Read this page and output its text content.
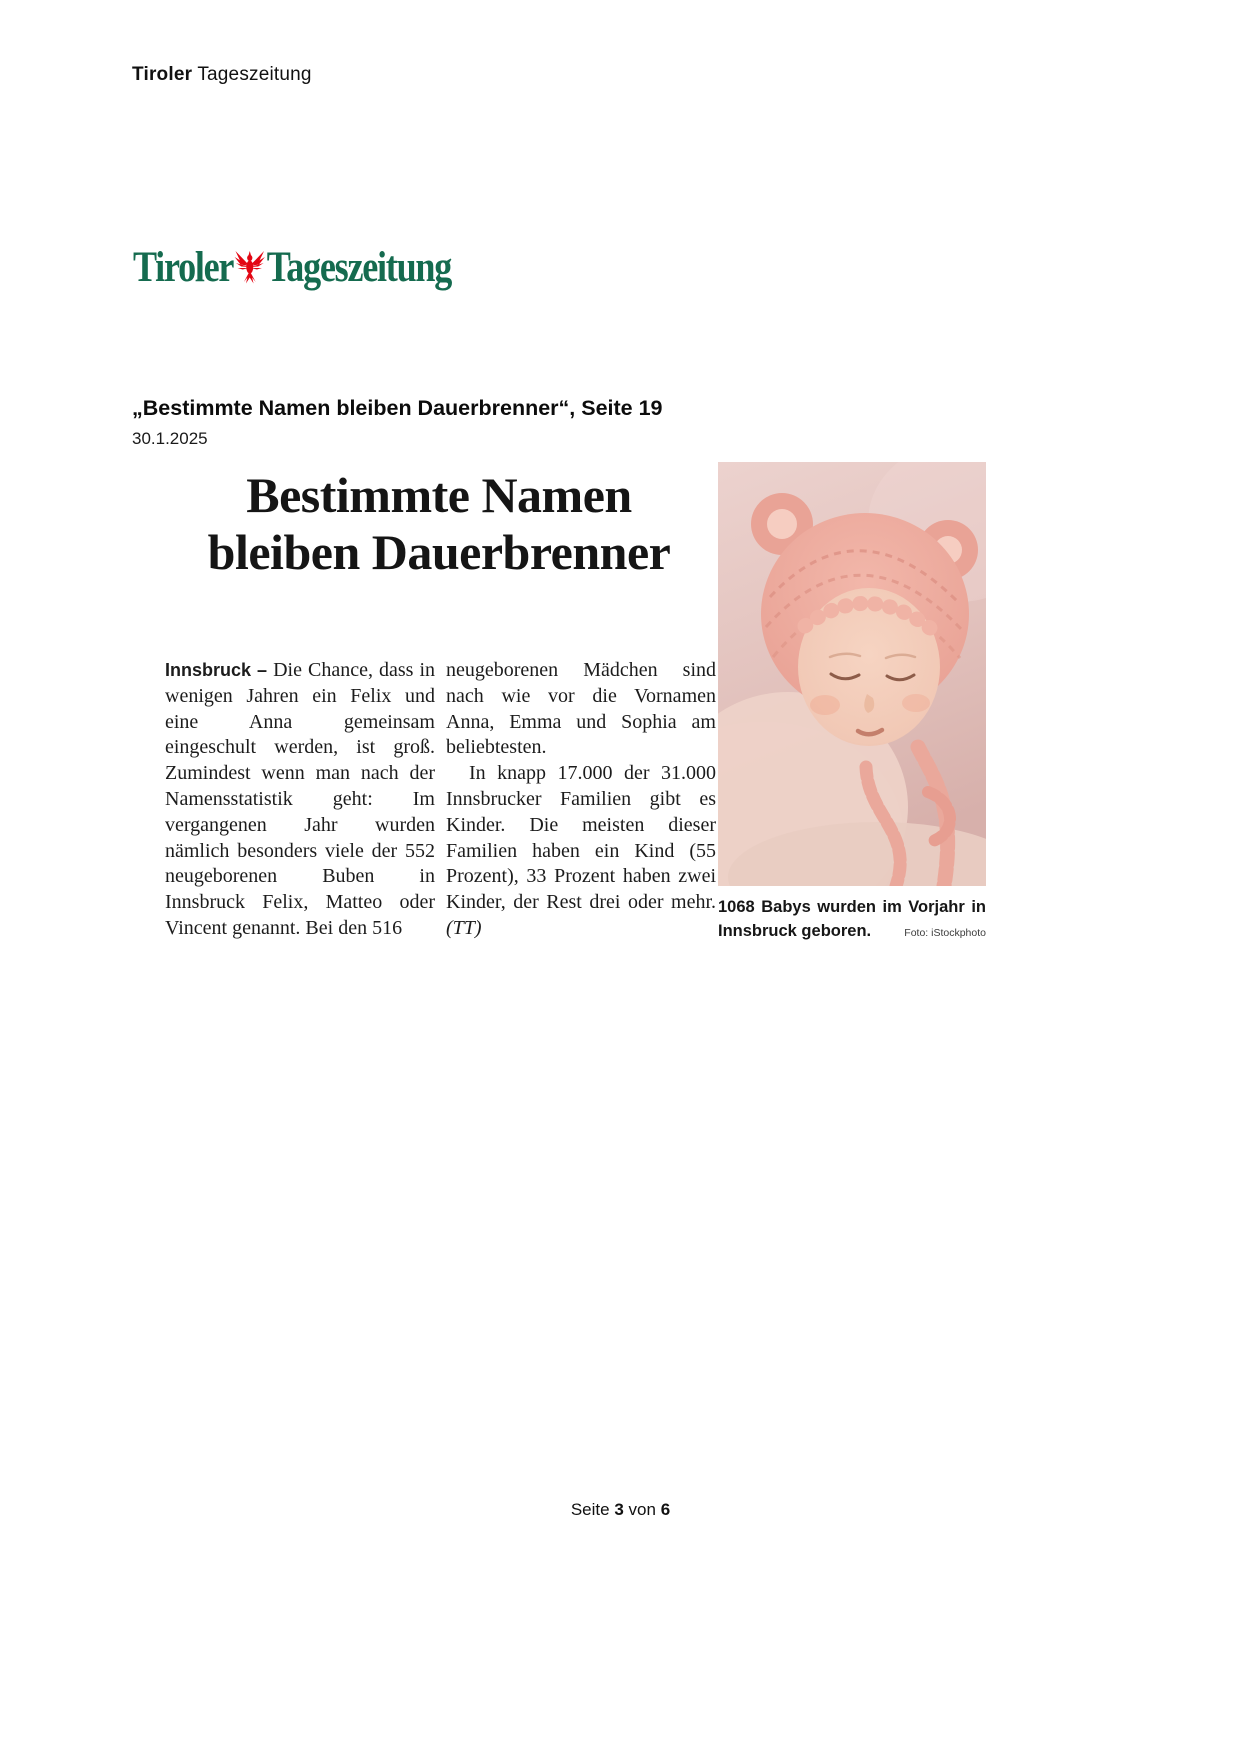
Tiroler Tageszeitung
Tiroler Tageszeitung
„Bestimmte Namen bleiben Dauerbrenner“, Seite 19
30.1.2025
Bestimmte Namen
bleiben Dauerbrenner

Innsbruck – Die Chance, dass in wenigen Jahren ein Felix und eine Anna gemeinsam eingeschult werden, ist groß. Zumindest wenn man nach der Namensstatistik geht: Im vergangenen Jahr wurden nämlich besonders viele der 552 neugeborenen Buben in Innsbruck Felix, Matteo oder Vincent genannt. Bei den 516

neugeborenen Mädchen sind nach wie vor die Vornamen Anna, Emma und Sophia am beliebtesten.

In knapp 17.000 der 31.000 Innsbrucker Familien gibt es Kinder. Die meisten dieser Familien haben ein Kind (55 Prozent), 33 Prozent haben zwei Kinder, der Rest drei oder mehr. (TT)

1068 Babys wurden im Vorjahr in
Innsbruck geboren.	Foto: iStockphoto
Seite 3 von 6
